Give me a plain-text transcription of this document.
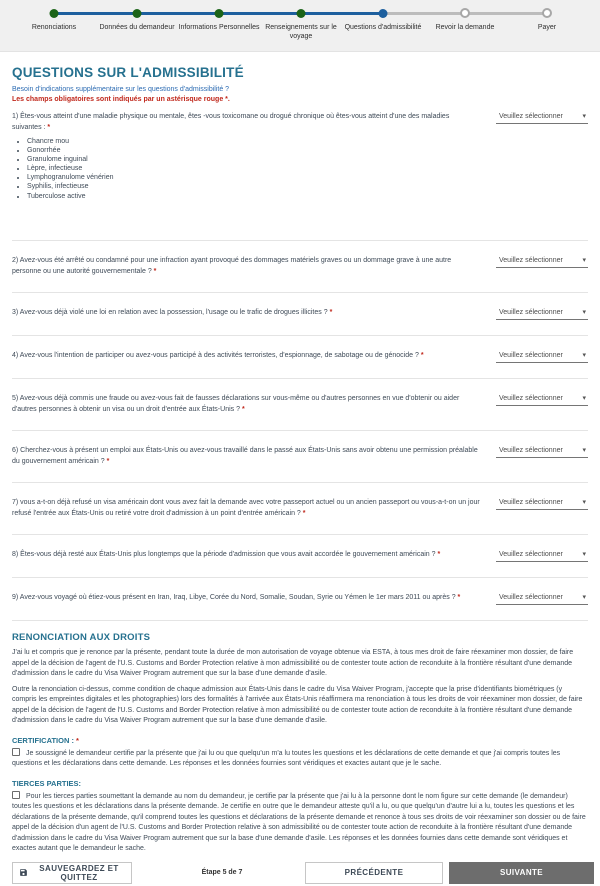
Renonciations	Données du demandeur Informations Personnelles Renseignements sur le voyage
Questions d'admissibilité	Revoir la demande	Payer
QUESTIONS SUR L'ADMISSIBILITÉ
Besoin d'indications supplémentaire sur les questions d'admissibilité ?
Les champs obligatoires sont indiqués par un astérisque rouge *.
1) Êtes-vous atteint d'une maladie physique ou mentale, êtes -vous toxicomane ou drogué chronique où êtes-vous atteint d'une des maladies suivantes : *
• Chancre mou
• Gonorrhée
• Granulome inguinal
• Lèpre, infectieuse
• Lymphogranulome vénérien
• Syphilis, infectieuse
• Tuberculose active
Veuillez sélectionner	▾
2) Avez-vous été arrêté ou condamné pour une infraction ayant provoqué des dommages matériels graves ou un dommage grave à une autre personne ou une autorité gouvernementale ? *
Veuillez sélectionner	▾
3) Avez-vous déjà violé une loi en relation avec la possession, l'usage ou le trafic de drogues illicites ? *	Veuillez sélectionner	▾
4) Avez-vous l'intention de participer ou avez-vous participé à des activités terroristes, d'espionnage, de sabotage ou de génocide ? *	Veuillez sélectionner	▾
5) Avez-vous déjà commis une fraude ou avez-vous fait de fausses déclarations sur vous-même ou d'autres personnes en vue d'obtenir ou aider d'autres personnes à obtenir un visa ou un droit d'entrée aux États-Unis ? *
Veuillez sélectionner	▾
6) Cherchez-vous à présent un emploi aux États-Unis ou avez-vous travaillé dans le passé aux États-Unis sans avoir obtenu une permission préalable du gouvernement américain ? *
Veuillez sélectionner	▾
7) vous a-t-on déjà refusé un visa américain dont vous avez fait la demande avec votre passeport actuel ou un ancien passeport ou vous-a-t-on un jour refusé l'entrée aux États-Unis ou retiré votre droit d'admission à un point d'entrée américain ? *
Veuillez sélectionner	▾
8) Êtes-vous déjà resté aux États-Unis plus longtemps que la période d'admission que vous avait accordée le gouvernement américain ? *	Veuillez sélectionner	▾
9) Avez-vous voyagé où étiez-vous présent en Iran, Iraq, Libye, Corée du Nord, Somalie, Soudan, Syrie ou Yémen le 1er mars 2011 ou après ? *	Veuillez sélectionner	▾
RENONCIATION AUX DROITS

J'ai lu et compris que je renonce par la présente, pendant toute la durée de mon autorisation de voyage obtenue via ESTA, à tous mes droit de faire réexaminer mon dossier, de faire appel de la décision de l'agent de l'U.S. Customs and Border Protection relative à mon admissibilité ou de contester toute action de reconduite à la frontière résultant d'une demande d'admission dans le cadre du Visa Waiver Program autrement que sur la base d'une demande d'asile.

Outre la renonciation ci-dessus, comme condition de chaque admission aux États-Unis dans le cadre du Visa Waiver Program, j'accepte que la prise d'identifiants biométriques (y compris les empreintes digitales et les photographies) lors des formalités à l'arrivée aux États-Unis réaffirmera ma renonciation à tous les droits de voir réexaminer mon dossier, de faire appel de la décision de l'agent de l'U.S. Customs and Border Protection relative à mon admissibilité ou de contester toute action de reconduite à la frontière résultant d'une demande d'admission dans le cadre du Visa Waiver Program autrement que sur la base d'une demande d'asile.

CERTIFICATION : *
Je soussigné le demandeur certifie par la présente que j'ai lu ou que quelqu'un m'a lu toutes les questions et les déclarations de cette demande et que j'ai compris toutes les questions et les déclarations dans cette demande. Les réponses et les données fournies sont véridiques et exactes autant que je le sache.
TIERCES PARTIES:
Pour les tierces parties soumettant la demande au nom du demandeur, je certifie par la présente que j'ai lu à la personne dont le nom figure sur cette demande (le demandeur) toutes les questions et les déclarations dans la présente demande. Je certifie en outre que le demandeur atteste qu'il a lu, ou que quelqu'un d'autre lui a lu, toutes les questions et les déclarations de la présente demande, qu'il comprend toutes les questions et déclarations de la présente demande et renonce à tous ses droits de voir réexaminer son dossier ou de faire appel de la décision d'un agent de l'U.S. Customs and Border Protection relative à son admissibilité ou de contester toute action de reconduite à la frontière résultant d'une demande d'admission dans le cadre du Visa Waiver Program autrement que sur la base d'une demande d'asile. Les réponses et les données fournies dans cette demande sont véridiques et exactes autant que le demandeur le sache.
SAUVEGARDEZ ET QUITTEZ	Étape 5 de 7	PRÉCÉDENTE	SUIVANTE
